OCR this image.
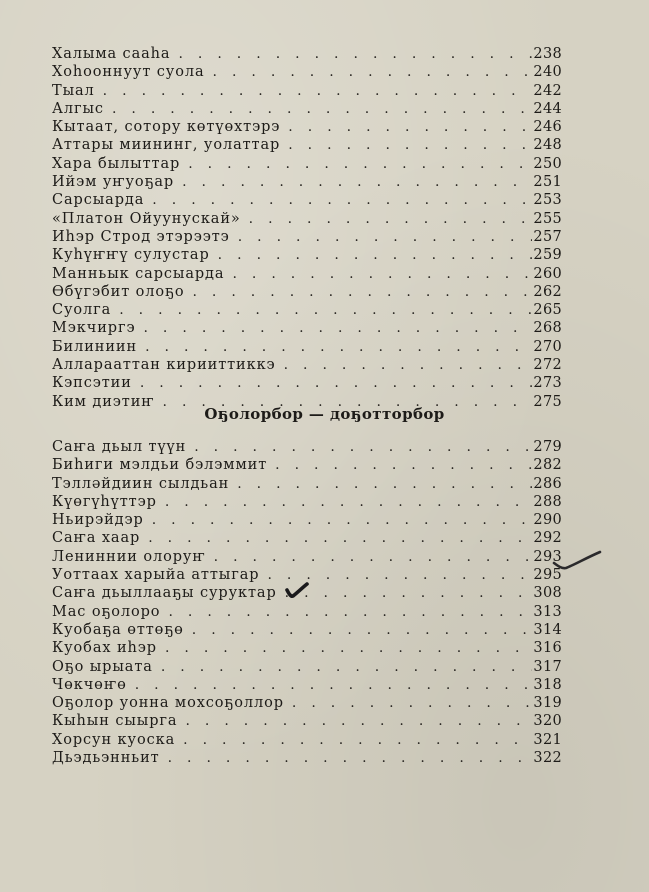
Халыма сааһа .....	238
Хоһооннуут суола .....	240
Тыал .....	242
Алгыс .....	244
Кытаат, сотору көтүөхтэрэ .....	246
Аттары миининг, уолаттар .....	248
Хара былыттар .....	250
Ийэм уҥуоҕар .....	251
Сарсыарда .....	253
«Платон Ойуунускай» .....	255
Иһэр Строд этэрээтэ .....	257
Куһүҥҥү сулустар .....	259
Манньык сарсыарда .....	260
Өбүгэбит олоҕо .....	262
Суолга .....	265
Мэкчиргэ .....	268
Билиниин .....	270
Алларааттан кирииттиккэ .....	272
Кэпсэтии .....	273
Ким диэтиҥ .....	275
Оҕолорбор — доҕотторбор
Саҥа дьыл түүн .....	279
Биһиги мэлдьи бэлэммит .....	282
Тэлләйдиин сылдьан .....	286
Күөгүһүттэр .....	288
Ньирэйдэр .....	290
Саҥа хаар .....	292
Лениннии олоруҥ .....	293
Уоттаах харыйа аттыгар .....	295
Саҥа дьыллааҕы суруктар .....	308
Мас оҕолоро .....	313
Куобаҕа өттөҕө .....	314
Куобах иһэр .....	316
Оҕо ырыата .....	317
Чөкчөҥө .....	318
Оҕолор уонна мохсоҕоллор .....	319
Кыһын сыырга .....	320
Хорсун куоска .....	321
Дьэдьэнньит .....	322
